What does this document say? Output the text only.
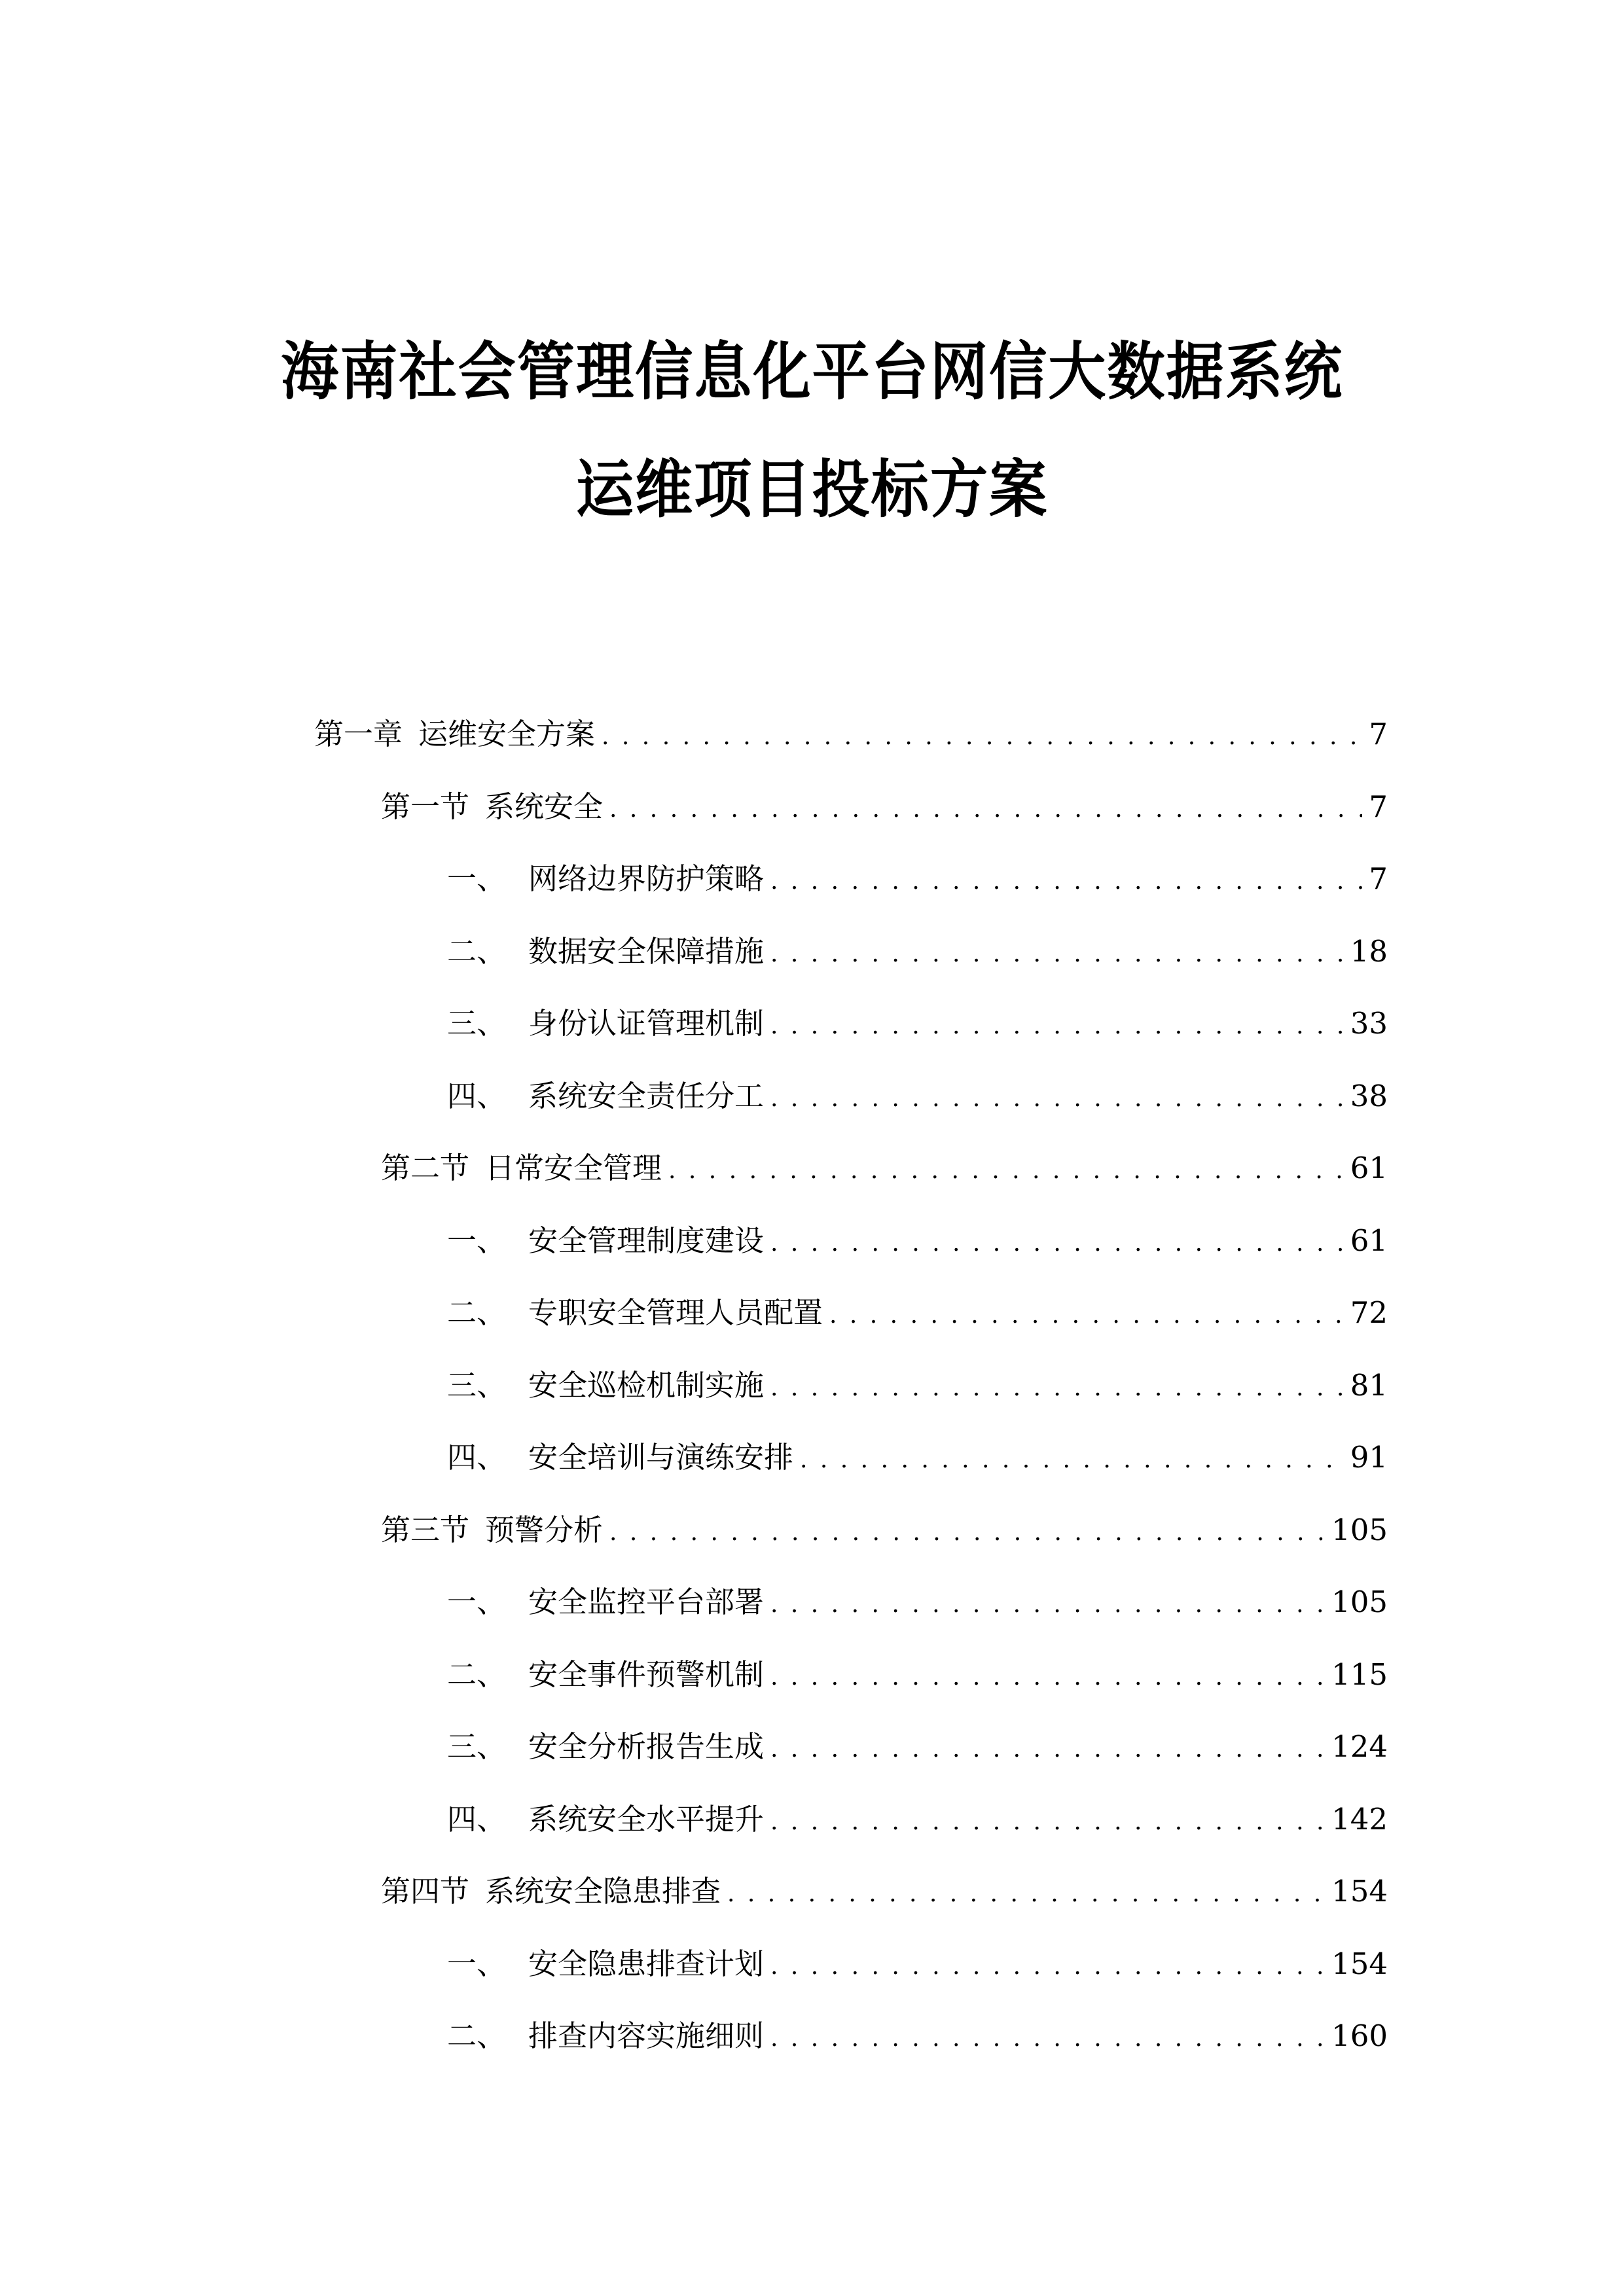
海南社会管理信息化平台网信大数据系统
运维项目投标方案
第一章 运维安全方案 . . .	7
第一节 系统安全 . . .	7
一、 网络边界防护策略 . . .	7
二、 数据安全保障措施 . . .	18
三、 身份认证管理机制 . . .	33
四、 系统安全责任分工 . . .	38
第二节 日常安全管理 . . .	61
一、 安全管理制度建设 . . .	61
二、 专职安全管理人员配置 . . .	72
三、 安全巡检机制实施 . . .	81
四、 安全培训与演练安排 . . .	91
第三节 预警分析 . . .	105
一、 安全监控平台部署 . . .	105
二、 安全事件预警机制 . . .	115
三、 安全分析报告生成 . . .	124
四、 系统安全水平提升 . . .	142
第四节 系统安全隐患排查 . . .	154
一、 安全隐患排查计划 . . .	154
二、 排查内容实施细则 . . .	160
